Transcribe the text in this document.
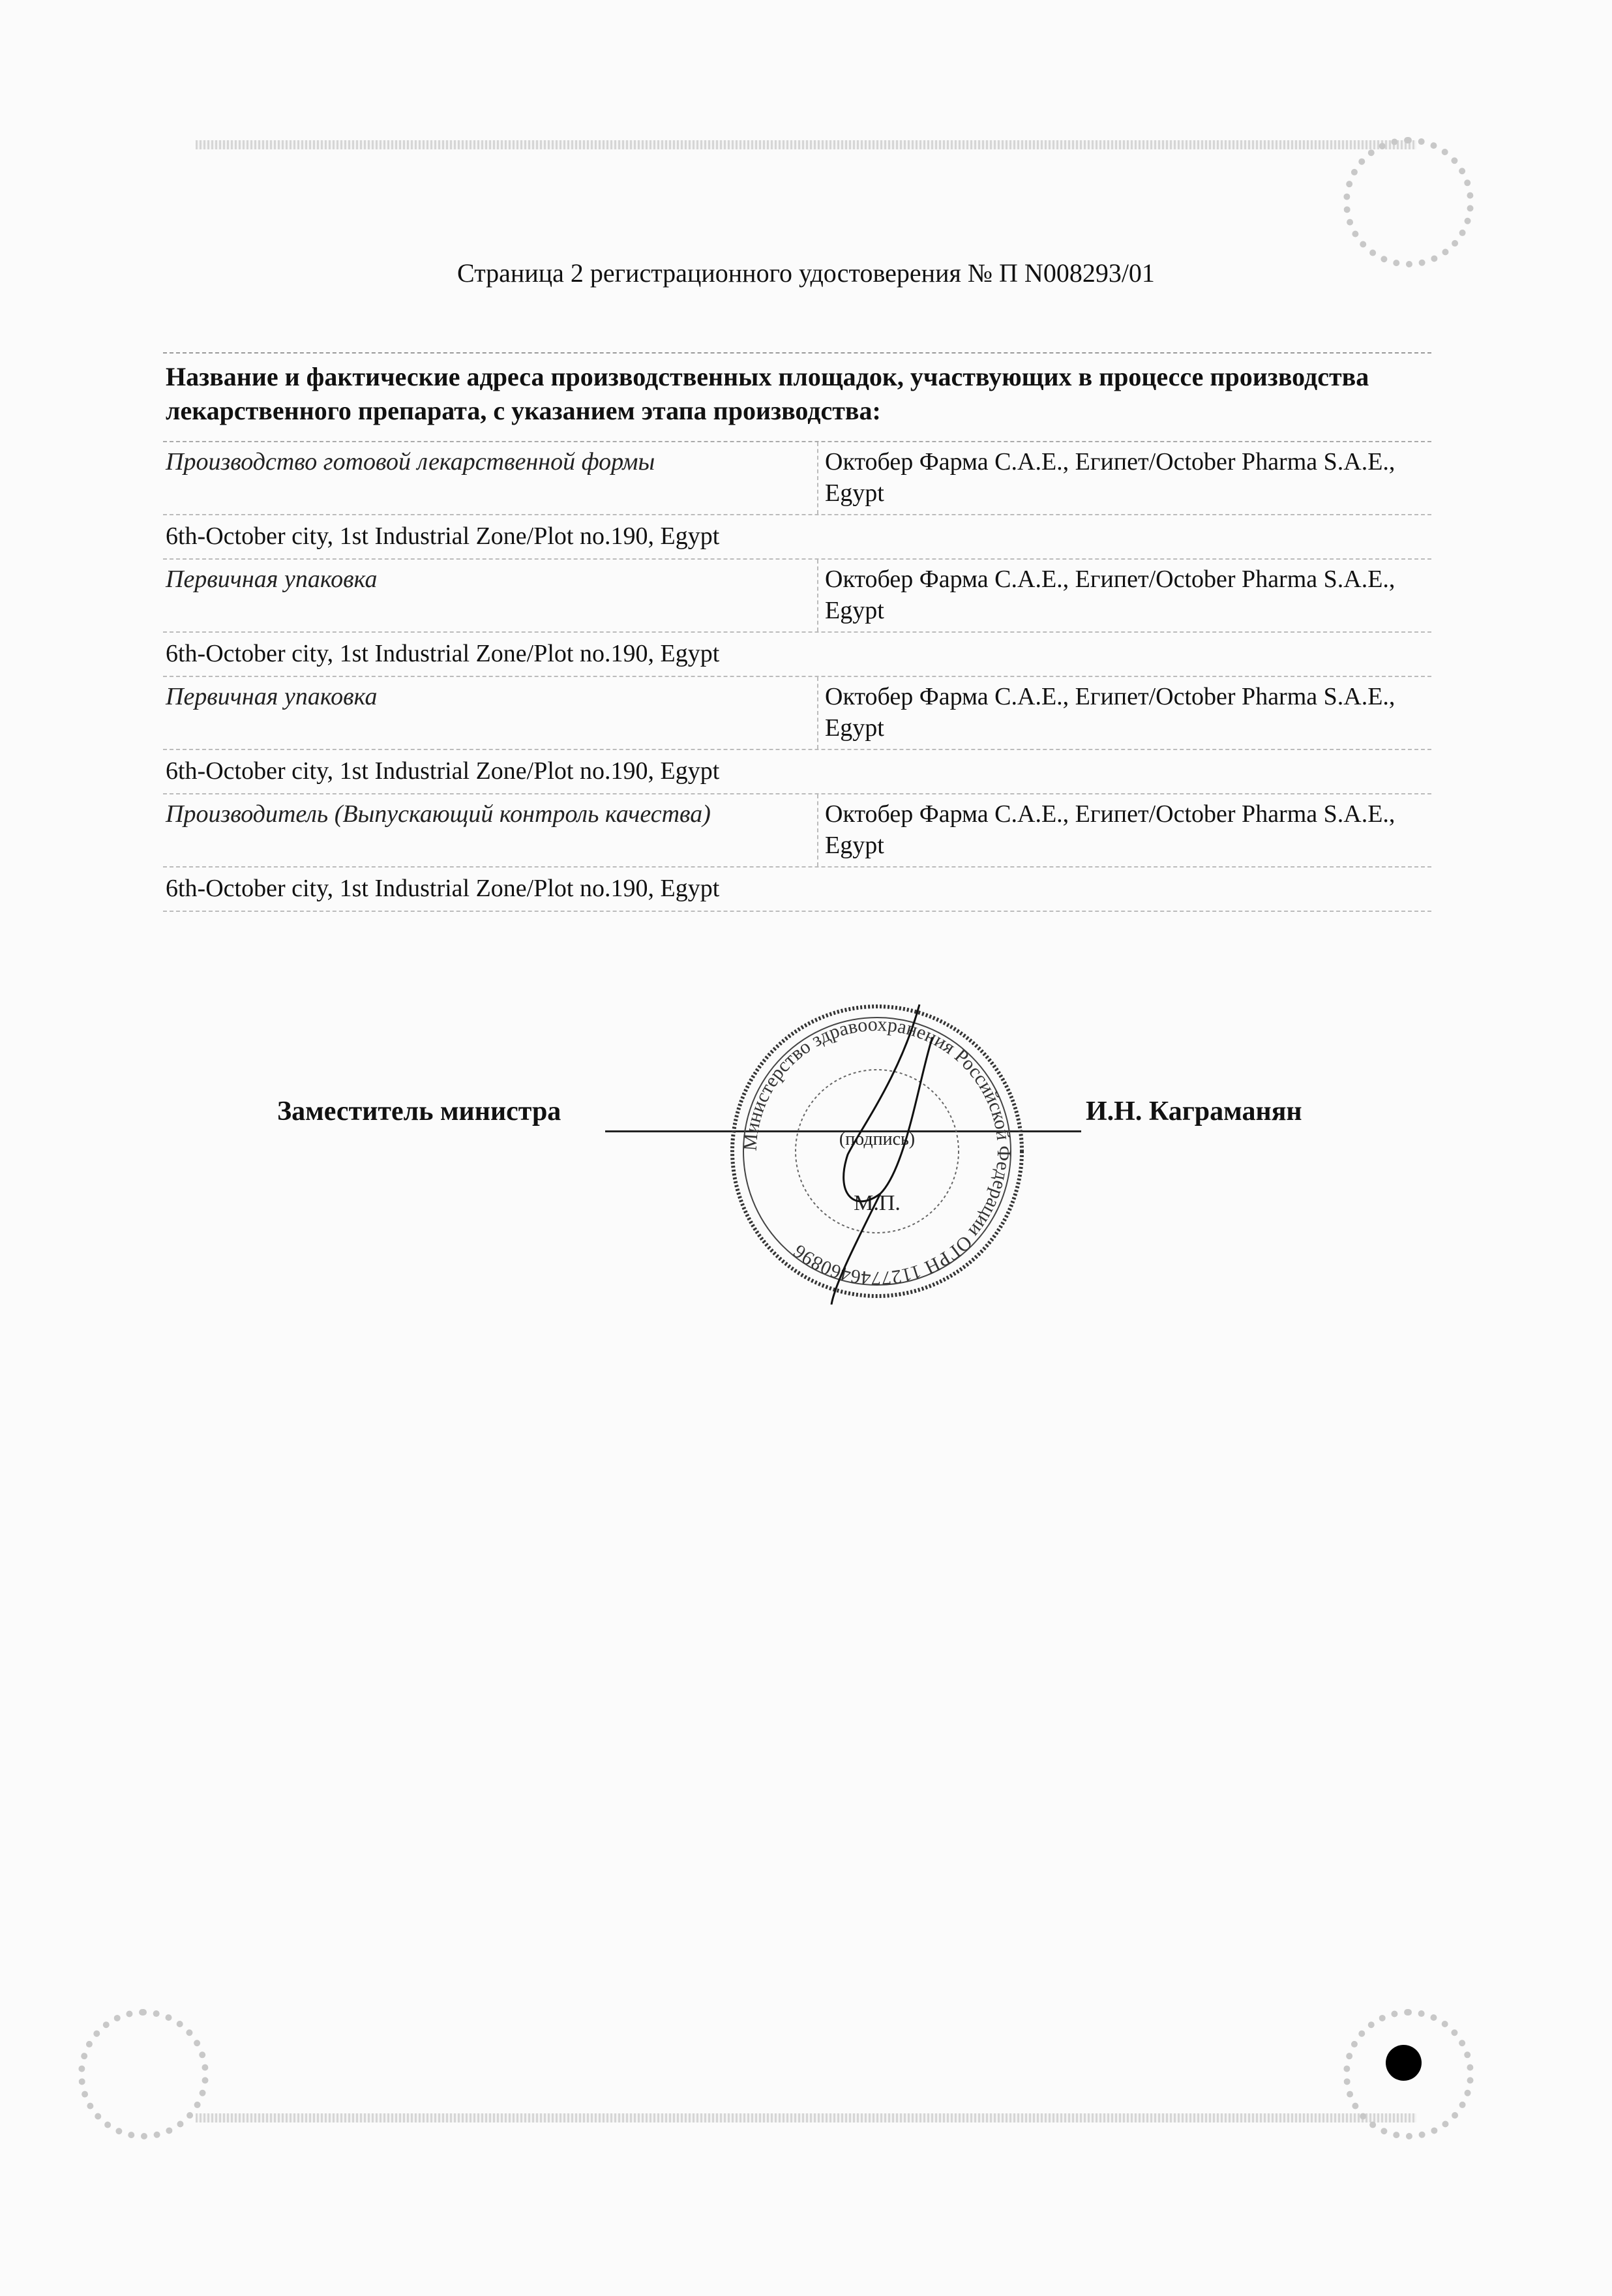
Страница 2 регистрационного удостоверения № П N008293/01
Название и фактические адреса производственных площадок, участвующих в процессе производства лекарственного препарата, с указанием этапа производства:
Производство готовой лекарственной формы	Октобер Фарма С.А.Е., Египет/October Pharma S.A.E., Egypt
6th-October city, 1st Industrial Zone/Plot no.190, Egypt
Первичная упаковка	Октобер Фарма С.А.Е., Египет/October Pharma S.A.E., Egypt
6th-October city, 1st Industrial Zone/Plot no.190, Egypt
Первичная упаковка	Октобер Фарма С.А.Е., Египет/October Pharma S.A.E., Egypt
6th-October city, 1st Industrial Zone/Plot no.190, Egypt
Производитель (Выпускающий контроль качества)	Октобер Фарма С.А.Е., Египет/October Pharma S.A.E., Egypt
6th-October city, 1st Industrial Zone/Plot no.190, Egypt
Заместитель министра	И.Н. Каграманян
Министерство здравоохранения Российской Федерации ОГРН 1127746460896
(подпись)
М.П.
